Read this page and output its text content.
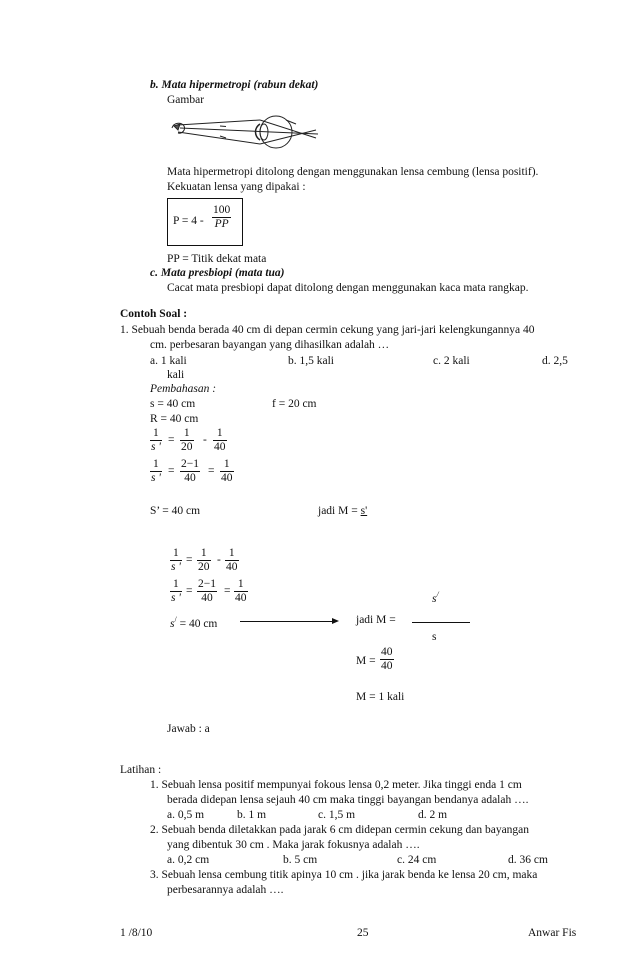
b. Mata hipermetropi (rabun dekat)
Gambar
Mata hipermetropi ditolong dengan menggunakan lensa cembung (lensa positif).
Kekuatan lensa yang dipakai :
$P = 4 - \frac{100}{PP}$
PP = Titik dekat mata
c. Mata presbiopi (mata tua)
Cacat mata presbiopi dapat ditolong dengan menggunakan kaca mata rangkap.
Contoh Soal :
1. Sebuah benda berada 40 cm di depan cermin cekung yang jari-jari kelengkungannya 40
cm. perbesaran bayangan yang dihasilkan adalah …
a. 1 kali	b. 1,5 kali	c. 2 kali	d. 2,5
kali
Pembahasan :
s = 40 cm	f = 20 cm
R = 40 cm
$\frac{1}{s '} = \frac{1}{20} - \frac{1}{40}$
$\frac{1}{s '} = \frac{2-1}{40} = \frac{1}{40}$
S’ = 40 cm	jadi M = s'
$\frac{1}{s '} = \frac{1}{20} - \frac{1}{40}$
$\frac{1}{s '} = \frac{2-1}{40} = \frac{1}{40}$
s/ = 40 cm	jadi M =
s/
s
$M = \frac{40}{40}$
M = 1 kali
Jawab : a
Latihan :
1. Sebuah lensa positif mempunyai fokous lensa 0,2 meter. Jika tinggi enda 1 cm
berada didepan lensa sejauh 40 cm maka tinggi bayangan bendanya adalah ….
a. 0,5 m	b. 1 m	c. 1,5 m	d. 2 m
2. Sebuah benda diletakkan pada jarak 6 cm didepan cermin cekung dan bayangan
yang dibentuk 30 cm . Maka jarak fokusnya adalah ….
a. 0,2 cm	b. 5 cm	c. 24 cm	d. 36 cm
3. Sebuah lensa cembung titik apinya 10 cm . jika jarak benda ke lensa 20 cm, maka
perbesarannya adalah ….
1 /8/10	25	Anwar Fis
